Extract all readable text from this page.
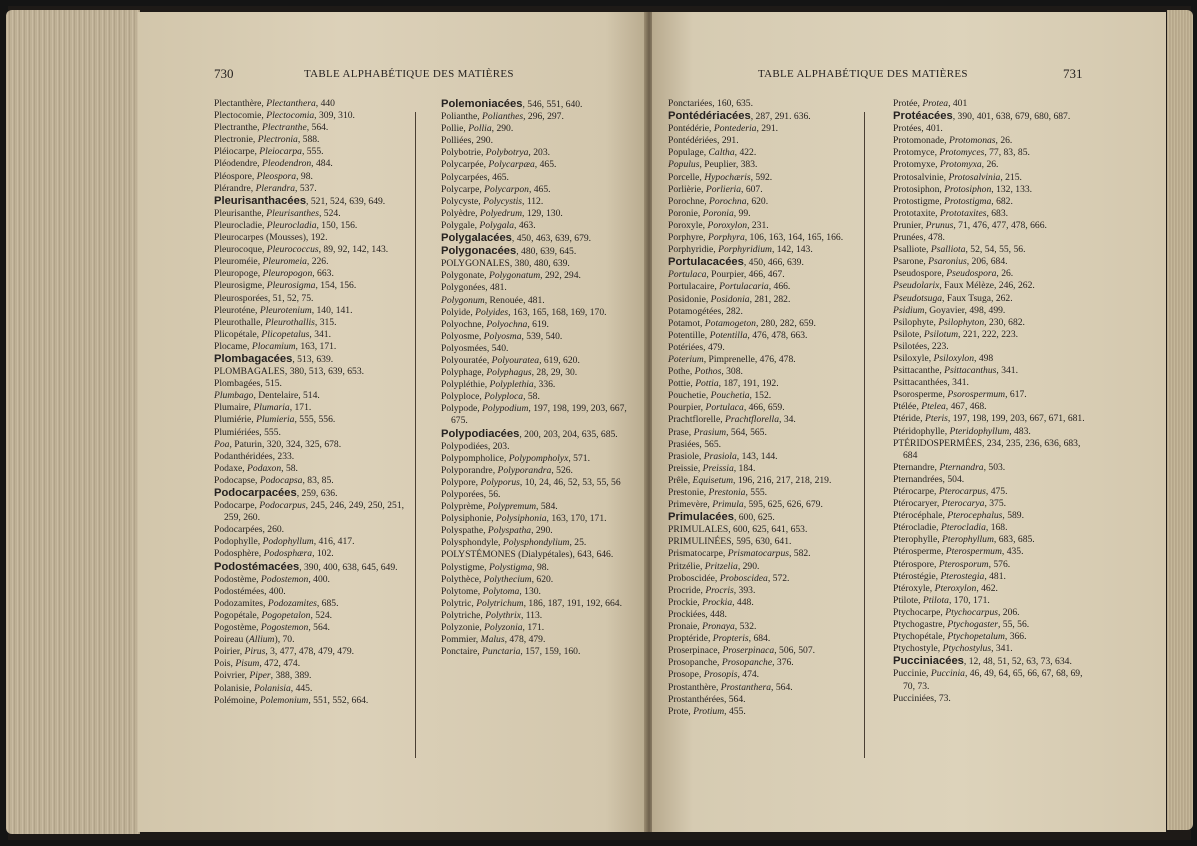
730	TABLE ALPHABÉTIQUE DES MATIÈRES

Plectanthère, Plectanthera, 440

Plectocomie, Plectocomia, 309, 310.

Plectranthe, Plectranthe, 564.

Plectronie, Plectronia, 588.

Pléiocarpe, Pleiocarpa, 555.

Pléodendre, Pleodendron, 484.

Pléospore, Pleospora, 98.

Plérandre, Plerandra, 537.

Pleurisanthacées, 521, 524, 639, 649.

Pleurisanthe, Pleurisanthes, 524.

Pleurocladie, Pleurocladia, 150, 156.

Pleurocarpes (Mousses), 192.

Pleurocoque, Pleurococcus, 89, 92, 142, 143.

Pleuroméie, Pleuromeia, 226.

Pleuropoge, Pleuropogon, 663.

Pleurosigme, Pleurosigma, 154, 156.

Pleurosporées, 51, 52, 75.

Pleuroténe, Pleurotenium, 140, 141.

Pleurothalle, Pleurothallis, 315.

Plicopétale, Plicopetalus, 341.

Plocame, Plocamium, 163, 171.

Plombagacées, 513, 639.

PLOMBAGALES, 380, 513, 639, 653.

Plombagées, 515.

Plumbago, Dentelaire, 514.

Plumaire, Plumaria, 171.

Plumiérie, Plumieria, 555, 556.

Plumiériées, 555.

Poa, Paturin, 320, 324, 325, 678.

Podanthéridées, 233.

Podaxe, Podaxon, 58.

Podocapse, Podocapsa, 83, 85.

Podocarpacées, 259, 636.

Podocarpe, Podocarpus, 245, 246, 249, 250, 251, 259, 260.

Podocarpées, 260.

Podophylle, Podophyllum, 416, 417.

Podosphère, Podosphæra, 102.

Podostémacées, 390, 400, 638, 645, 649.

Podostème, Podostemon, 400.

Podostémées, 400.

Podozamites, Podozamites, 685.

Pogopétale, Pogopetalon, 524.

Pogostème, Pogostemon, 564.

Poireau (Allium), 70.

Poirier, Pirus, 3, 477, 478, 479, 479.

Pois, Pisum, 472, 474.

Poivrier, Piper, 388, 389.

Polanisie, Polanisia, 445.

Polémoine, Polemonium, 551, 552, 664.

Polemoniacées, 546, 551, 640.

Polianthe, Polianthes, 296, 297.

Pollie, Pollia, 290.

Polliées, 290.

Polybotrie, Polybotrya, 203.

Polycarpée, Polycarpæa, 465.

Polycarpées, 465.

Polycarpe, Polycarpon, 465.

Polycyste, Polycystis, 112.

Polyèdre, Polyedrum, 129, 130.

Polygale, Polygala, 463.

Polygalacées, 450, 463, 639, 679.

Polygonacées, 480, 639, 645.

POLYGONALES, 380, 480, 639.

Polygonate, Polygonatum, 292, 294.

Polygonées, 481.

Polygonum, Renouée, 481.

Polyide, Polyides, 163, 165, 168, 169, 170.

Polyochne, Polyochna, 619.

Polyosme, Polyosma, 539, 540.

Polyosmées, 540.

Polyouratée, Polyouratea, 619, 620.

Polyphage, Polyphagus, 28, 29, 30.

Polypléthie, Polyplethia, 336.

Polyploce, Polyploca, 58.

Polypode, Polypodium, 197, 198, 199, 203, 667, 675.

Polypodiacées, 200, 203, 204, 635, 685.

Polypodiées, 203.

Polypompholice, Polypompholyx, 571.

Polyporandre, Polyporandra, 526.

Polypore, Polyporus, 10, 24, 46, 52, 53, 55, 56

Polyporées, 56.

Polyprème, Polypremum, 584.

Polysiphonie, Polysiphonia, 163, 170, 171.

Polyspathe, Polyspatha, 290.

Polysphondyle, Polysphondylium, 25.

POLYSTÉMONES (Dialypétales), 643, 646.

Polystigme, Polystigma, 98.

Polythèce, Polythecium, 620.

Polytome, Polytoma, 130.

Polytric, Polytrichum, 186, 187, 191, 192, 664.

Polytriche, Polythrix, 113.

Polyzonie, Polyzonia, 171.

Pommier, Malus, 478, 479.

Ponctaire, Punctaria, 157, 159, 160.

TABLE ALPHABÉTIQUE DES MATIÈRES	731

Ponctariées, 160, 635.

Pontédériacées, 287, 291. 636.

Pontédérie, Pontederia, 291.

Pontédériées, 291.

Populage, Caltha, 422.

Populus, Peuplier, 383.

Porcelle, Hypochæris, 592.

Porlièrie, Porlieria, 607.

Porochne, Porochna, 620.

Poronie, Poronia, 99.

Poroxyle, Poroxylon, 231.

Porphyre, Porphyra, 106, 163, 164, 165, 166.

Porphyridie, Porphyridium, 142, 143.

Portulacacées, 450, 466, 639.

Portulaca, Pourpier, 466, 467.

Portulacaire, Portulacaria, 466.

Posidonie, Posidonia, 281, 282.

Potamogétées, 282.

Potamot, Potamogeton, 280, 282, 659.

Potentille, Potentilla, 476, 478, 663.

Potériées, 479.

Poterium, Pimprenelle, 476, 478.

Pothe, Pothos, 308.

Pottie, Pottia, 187, 191, 192.

Pouchetie, Pouchetia, 152.

Pourpier, Portulaca, 466, 659.

Prachtflorelle, Prachtflorella, 34.

Prase, Prasium, 564, 565.

Prasiées, 565.

Prasiole, Prasiola, 143, 144.

Preissie, Preissia, 184.

Prêle, Equisetum, 196, 216, 217, 218, 219.

Prestonie, Prestonia, 555.

Primevère, Primula, 595, 625, 626, 679.

Primulacées, 600, 625.

PRIMULALES, 600, 625, 641, 653.

PRIMULINÉES, 595, 630, 641.

Prismatocarpe, Prismatocarpus, 582.

Pritzélie, Pritzelia, 290.

Proboscidée, Proboscidea, 572.

Procride, Procris, 393.

Prockie, Prockia, 448.

Prockiées, 448.

Pronaie, Pronaya, 532.

Proptéride, Propteris, 684.

Proserpinace, Proserpinaca, 506, 507.

Prosopanche, Prosopanche, 376.

Prosope, Prosopis, 474.

Prostanthère, Prostanthera, 564.

Prostanthérées, 564.

Prote, Protium, 455.

Protée, Protea, 401

Protéacées, 390, 401, 638, 679, 680, 687.

Protées, 401.

Protomonade, Protomonas, 26.

Protomyce, Protomyces, 77, 83, 85.

Protomyxe, Protomyxa, 26.

Protosalvinie, Protosalvinia, 215.

Protosiphon, Protosiphon, 132, 133.

Protostigme, Protostigma, 682.

Prototaxite, Prototaxites, 683.

Prunier, Prunus, 71, 476, 477, 478, 666.

Prunées, 478.

Psalliote, Psalliota, 52, 54, 55, 56.

Psarone, Psaronius, 206, 684.

Pseudospore, Pseudospora, 26.

Pseudolarix, Faux Mélèze, 246, 262.

Pseudotsuga, Faux Tsuga, 262.

Psidium, Goyavier, 498, 499.

Psilophyte, Psilophyton, 230, 682.

Psilote, Psilotum, 221, 222, 223.

Psilotées, 223.

Psiloxyle, Psiloxylon, 498

Psittacanthe, Psittacanthus, 341.

Psittacanthées, 341.

Psorosperme, Psorospermum, 617.

Ptélée, Ptelea, 467, 468.

Ptéride, Pteris, 197, 198, 199, 203, 667, 671, 681.

Ptéridophylle, Pteridophyllum, 483.

PTÉRIDOSPERMÉES, 234, 235, 236, 636, 683, 684

Pternandre, Pternandra, 503.

Pternandrées, 504.

Ptérocarpe, Pterocarpus, 475.

Ptérocaryer, Pterocarya, 375.

Ptérocéphale, Pterocephalus, 589.

Ptérocladie, Pterocladia, 168.

Pterophylle, Pterophyllum, 683, 685.

Ptérosperme, Pterospermum, 435.

Ptérospore, Pterosporum, 576.

Ptérostégie, Pterostegia, 481.

Ptéroxyle, Pteroxylon, 462.

Ptilote, Ptilota, 170, 171.

Ptychocarpe, Ptychocarpus, 206.

Ptychogastre, Ptychogaster, 55, 56.

Ptychopétale, Ptychopetalum, 366.

Ptychostyle, Ptychostylus, 341.

Pucciniacées, 12, 48, 51, 52, 63, 73, 634.

Puccinie, Puccinia, 46, 49, 64, 65, 66, 67, 68, 69, 70, 73.

Pucciniées, 73.
